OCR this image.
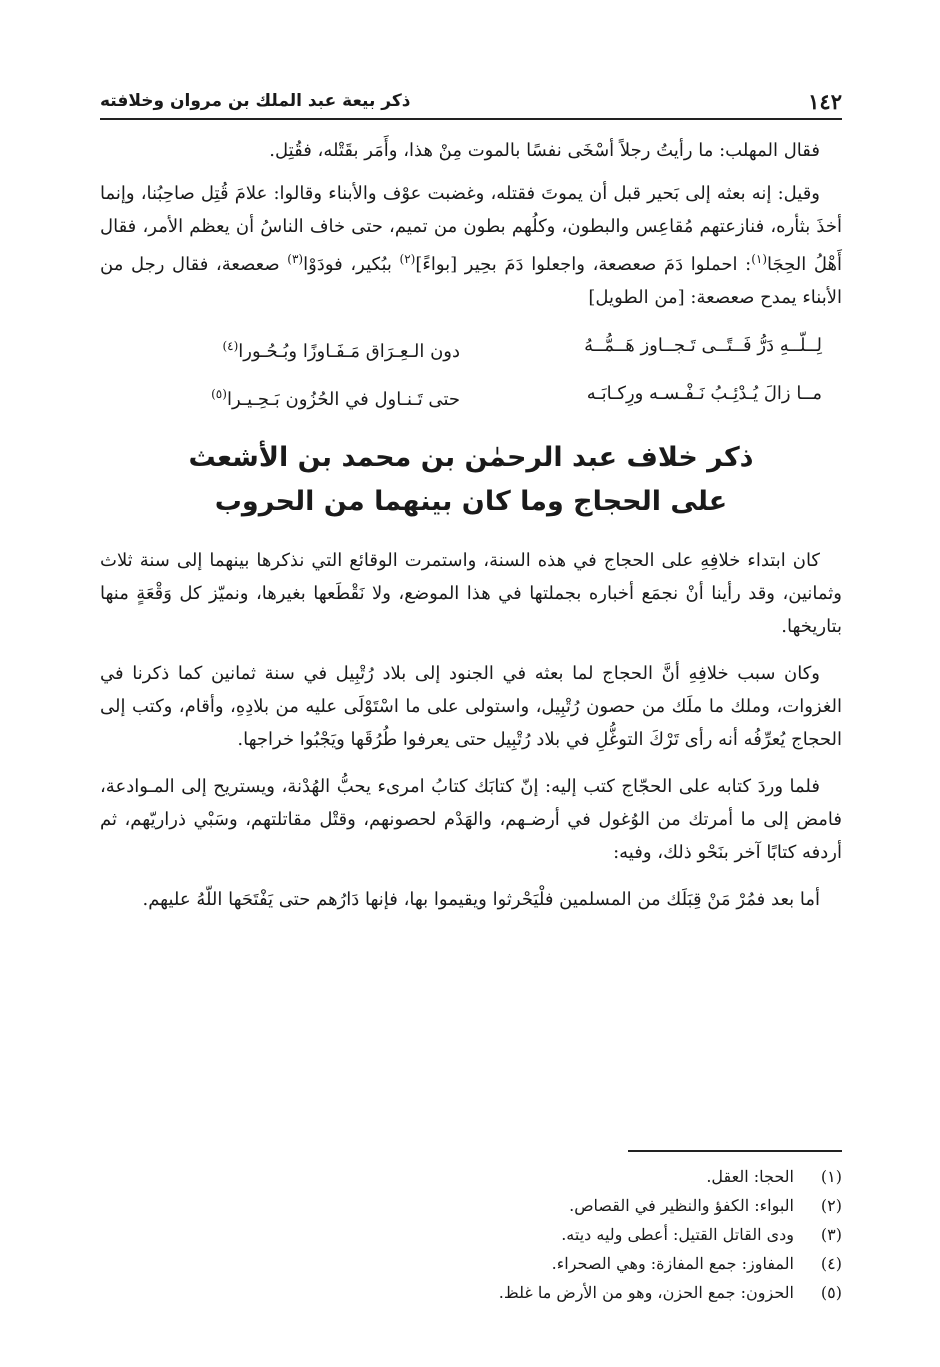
١٤٢
ذكر بيعة عبد الملك بن مروان وخلافته

فقال المهلب: ما رأيتُ رجلاً أسْخَى نفسًا بالموت مِنْ هذا، وأَمَر بقَتْله، فقُتِل.

وقيل: إنه بعثه إلى بَحير قبل أن يموتَ فقتله، وغضبت عوْف والأبناء وقالوا: علامَ قُتِل صاحِبُنا، وإنما أخذَ بثأره، فنازعتهم مُقاعِس والبطون، وكلُهم بطون من تميم، حتى خاف الناسُ أن يعظم الأمر، فقال أَهْلُ الحِجَا$^{(١)}$: احملوا دَمَ صعصعة، واجعلوا دَمَ بحِير [بواءً]$^{(٢)}$ ببُكير، فودَوْا$^{(٣)}$ صعصعة، فقال رجل من الأبناء يمدح صعصعة: [من الطويل]

لِــلّــهِ دَرُّ فَــتًــى تَـجــاوز هَــمُّــهُ
دون الـعِـرَاق مَـفَـاوزًا وبُـحُـورا$^{(٤)}$
مــا زالَ يُـدْئِـبُ نَـفْـسـه ورِكـابَـه
حتى تَـنـاول في الحُزُون بَـحِـيـرا$^{(٥)}$
ذكر خلاف عبد الرحمٰن بن محمد بن الأشعث
على الحجاج وما كان بينهما من الحروب

كان ابتداء خلافِهِ على الحجاج في هذه السنة، واستمرت الوقائع التي نذكرها بينهما إلى سنة ثلاث وثمانين، وقد رأينا أنْ نجمَع أخباره بجملتها في هذا الموضع، ولا نَقْطَعها بغيرها، ونميّز كل وَقْعَةٍ منها بتاريخها.

وكان سبب خلافِهِ أنَّ الحجاج لما بعثه في الجنود إلى بلاد رُتْبِيل في سنة ثمانين كما ذكرنا في الغزوات، وملك ما ملَك من حصون رُتْبِيل، واستولى على ما اسْتَوْلَى عليه من بلادِهِ، وأقام، وكتب إلى الحجاج يُعرِّفُه أنه رأى تَرْكَ التوغُّلِ في بلاد رُتْبِيل حتى يعرفوا طُرُقَها ويَجْبُوا خراجها.

فلما وردَ كتابه على الحجّاج كتب إليه: إنّ كتابَك كتابُ امرىء يحبُّ الهُدْنة، ويستريح إلى المـوادعة، فامض إلى ما أمرتك من الوُغول في أرضـهم، والهَدْم لحصونهم، وقتْل مقاتلتهم، وسَبْي ذراريّهم، ثم أردفه كتابًا آخر بنَحْو ذلك، وفيه:

أما بعد فمُرْ مَنْ قِبَلَك من المسلمين فلْيَحْرثوا ويقيموا بها، فإنها دَارُهم حتى يَفْتَحَها اللّهُ عليهم.

(١)
الحجا: العقل.
(٢)
البواء: الكفؤ والنظير في القصاص.
(٣)
ودى القاتل القتيل: أعطى وليه ديته.
(٤)
المفاوز: جمع المفازة: وهي الصحراء.
(٥)
الحزون: جمع الحزن، وهو من الأرض ما غلظ.
